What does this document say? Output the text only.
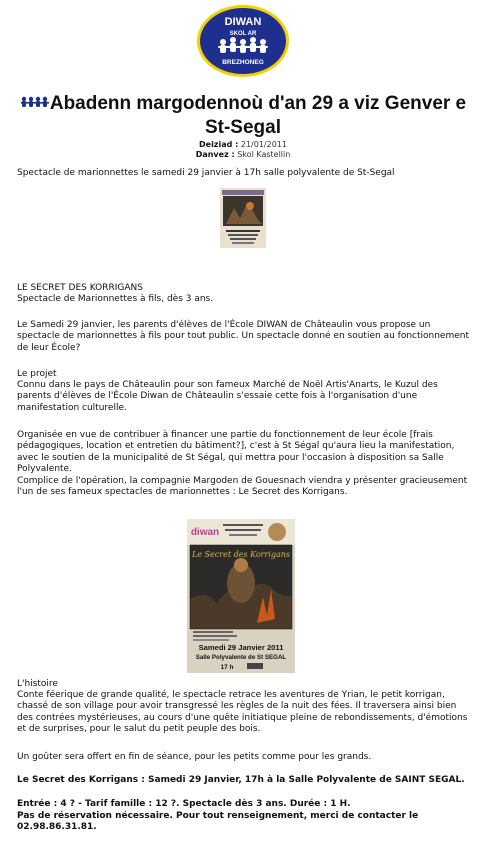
DIWAN
SKOL AR
BREZHONEG
Abadenn margodennoù d'an 29 a viz Genver e St-Segal
Deiziad : 21/01/2011
Danvez : Skol Kastellin
Spectacle de marionnettes le samedi 29 janvier à 17h salle polyvalente de St-Segal
LE SECRET DES KORRIGANS
Spectacle de Marionnettes à fils, dès 3 ans.
Le Samedi 29 janvier, les parents d'élèves de l'École DIWAN de Châteaulin vous propose un spectacle de marionnettes à fils pour tout public. Un spectacle donné en soutien au fonctionnement de leur École?
Le projet
Connu dans le pays de Châteaulin pour son fameux Marché de Noël Artis'Anarts, le Kuzul des parents d'élèves de l'École Diwan de Châteaulin s'essaie cette fois à l'organisation d'une manifestation culturelle.
Organisée en vue de contribuer à financer une partie du fonctionnement de leur école [frais pédagogiques, location et entretien du bâtiment?], c'est à St Ségal qu'aura lieu la manifestation, avec le soutien de la municipalité de St Ségal, qui mettra pour l'occasion à disposition sa Salle Polyvalente.
Complice de l'opération, la compagnie Margoden de Gouesnach viendra y présenter gracieusement l'un de ses fameux spectacles de marionnettes : Le Secret des Korrigans.
diwan
Le Secret des Korrigans
Samedi 29 Janvier 2011
Salle Polyvalente de St SEGAL
17 h
L'histoire
Conte féerique de grande qualité, le spectacle retrace les aventures de Yrian, le petit korrigan, chassé de son village pour avoir transgressé les règles de la nuit des fées. Il traversera ainsi bien des contrées mystérieuses, au cours d'une quête initiatique pleine de rebondissements, d'émotions et de surprises, pour le salut du petit peuple des bois.
Un goûter sera offert en fin de séance, pour les petits comme pour les grands.
Le Secret des Korrigans : Samedi 29 Janvier, 17h à la Salle Polyvalente de SAINT SEGAL.
Entrée : 4 ? - Tarif famille : 12 ?. Spectacle dès 3 ans. Durée : 1 H.
Pas de réservation nécessaire. Pour tout renseignement, merci de contacter le 02.98.86.31.81.
